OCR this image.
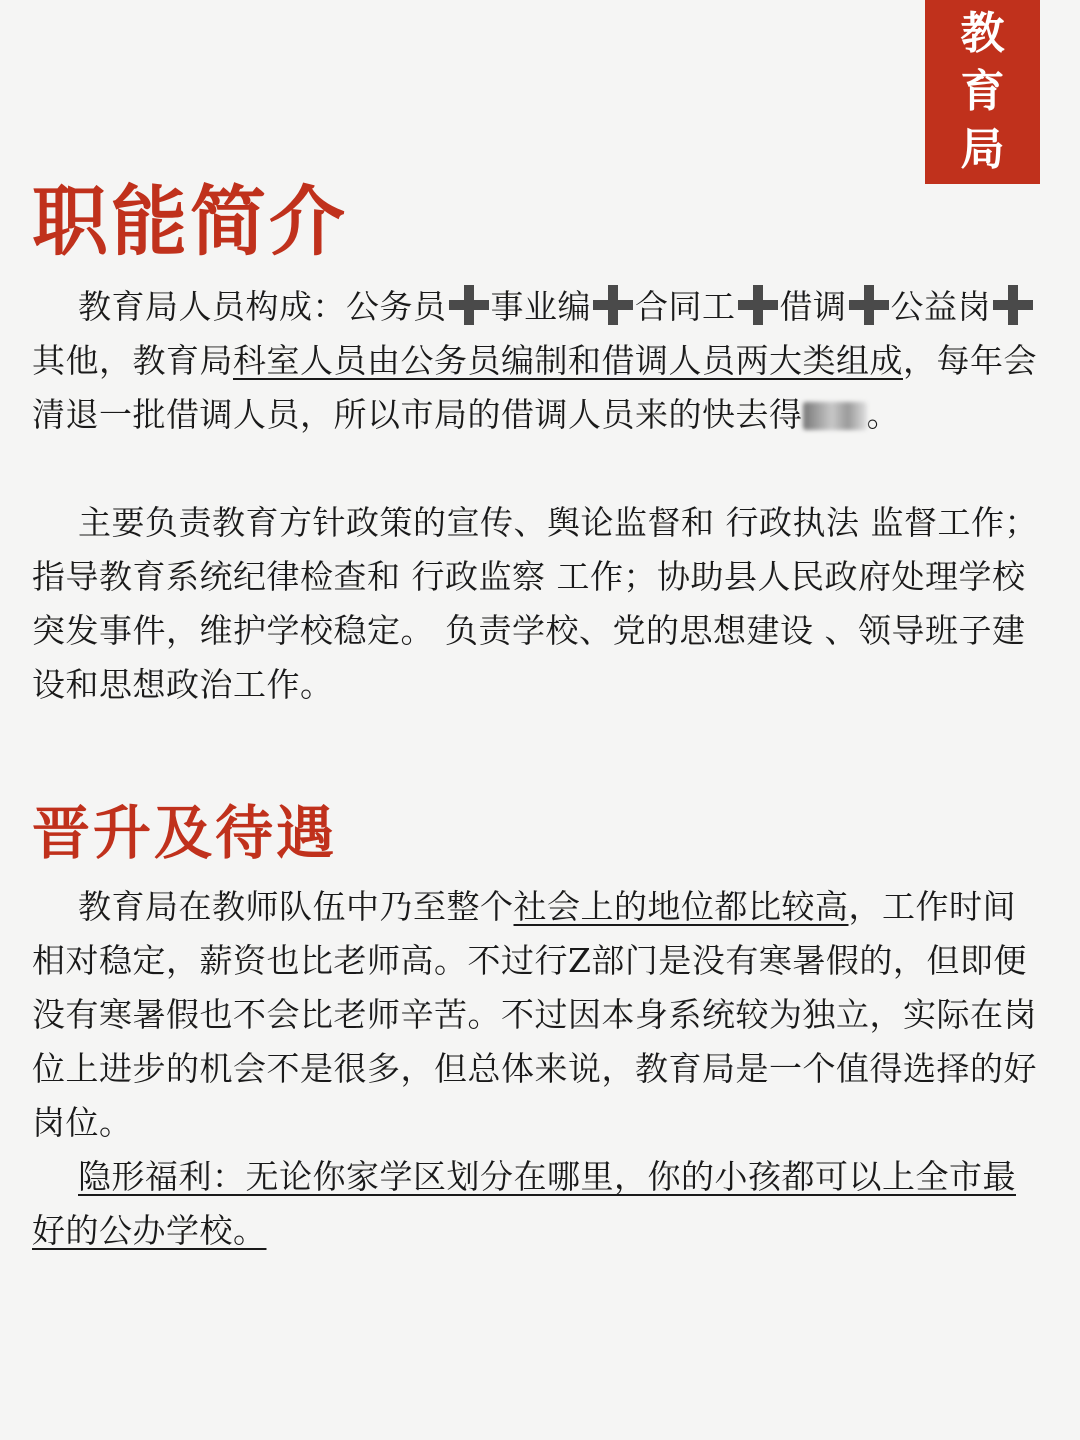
教
育
局
职能简介

教育局人员构成：公务员 事业编 合同工 借调 公益岗其他，教育局科室人员由公务员编制和借调人员两大类组成，每年会清退一批借调人员，所以市局的借调人员来的快去得 。

主要负责教育方针政策的宣传、舆论监督和 行政执法 监督工作；指导教育系统纪律检查和 行政监察 工作；协助县人民政府处理学校突发事件，维护学校稳定。 负责学校、党的思想建设 、领导班子建设和思想政治工作。

晋升及待遇

教育局在教师队伍中乃至整个社会上的地位都比较高，工作时间相对稳定，薪资也比老师高。不过行Z部门是没有寒暑假的，但即便没有寒暑假也不会比老师辛苦。不过因本身系统较为独立，实际在岗位上进步的机会不是很多，但总体来说，教育局是一个值得选择的好岗位。

隐形福利：无论你家学区划分在哪里，你的小孩都可以上全市最好的公办学校。
